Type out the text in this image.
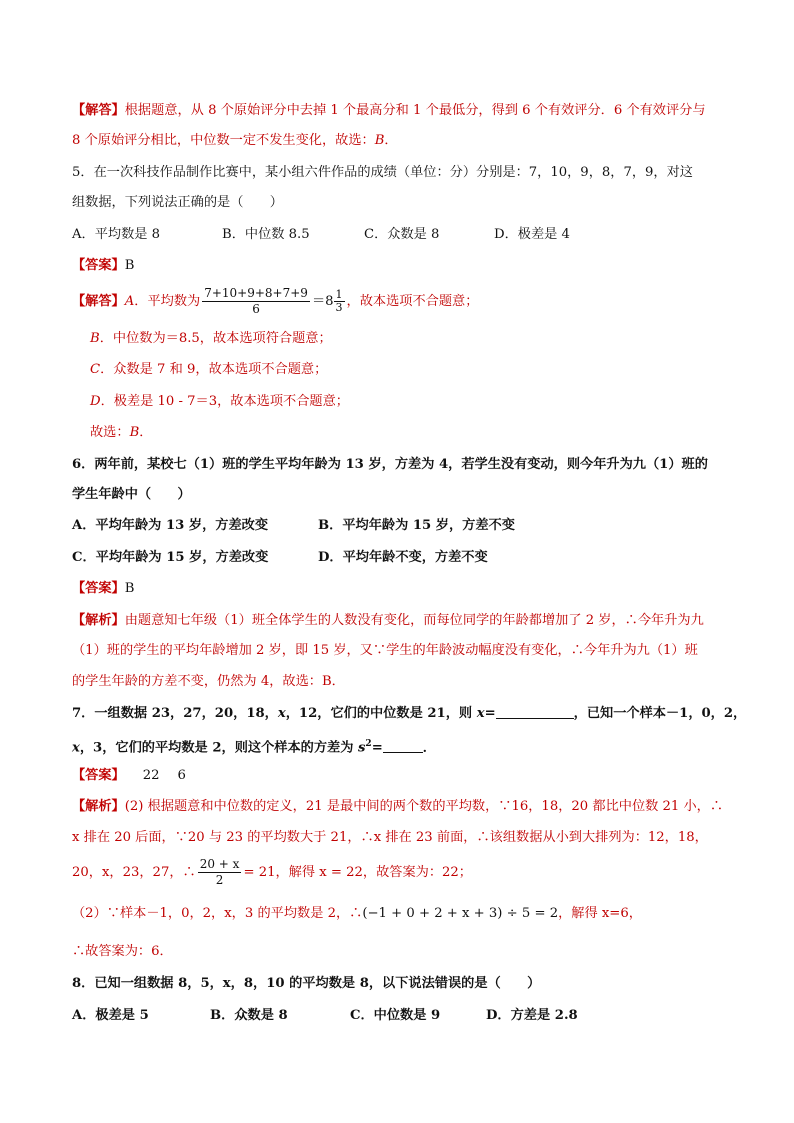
【解答】根据题意，从 8 个原始评分中去掉 1 个最高分和 1 个最低分，得到 6 个有效评分．6 个有效评分与
8 个原始评分相比，中位数一定不发生变化，故选：B．
5．在一次科技作品制作比赛中，某小组六件作品的成绩（单位：分）分别是：7，10，9，8，7，9，对这
组数据，下列说法正确的是（　　）
A．平均数是 8	B．中位数 8.5	C．众数是 8	D．极差是 4
【答案】B
【解答】A．平均数为 $\frac{7+10+9+8+7+9}{6} =8 \frac{1}{3}$ ，故本选项不合题意；
B．中位数为＝8.5，故本选项符合题意；
C．众数是 7 和 9，故本选项不合题意；
D．极差是 10 - 7＝3，故本选项不合题意；
故选：B．
6．两年前，某校七（1）班的学生平均年龄为 13 岁，方差为 4，若学生没有变动，则今年升为九（1）班的
学生年龄中（　　）
A．平均年龄为 13 岁，方差改变	B．平均年龄为 15 岁，方差不变
C．平均年龄为 15 岁，方差改变	D．平均年龄不变，方差不变
【答案】B
【解析】由题意知七年级（1）班全体学生的人数没有变化，而每位同学的年龄都增加了 2 岁，∴今年升为九
（1）班的学生的平均年龄增加 2 岁，即 15 岁，又∵学生的年龄波动幅度没有变化，∴今年升为九（1）班
的学生年龄的方差不变，仍然为 4，故选：B．
7．一组数据 23，27，20，18，x，12，它们的中位数是 21，则 x=	，已知一个样本－1，0，2，
x，3，它们的平均数是 2，则这个样本的方差为 $s^2=$	．
【答案】 22 6
【解析】(2) 根据题意和中位数的定义，21 是最中间的两个数的平均数，∵16，18，20 都比中位数 21 小，∴
x 排在 20 后面，∵20 与 23 的平均数大于 21，∴x 排在 23 前面，∴该组数据从小到大排列为：12，18，
20，x，23，27，∴ $\frac{20 + x}{2} = 21$，解得 x = 22，故答案为：22；
（2）∵样本－1，0，2，x，3 的平均数是 2，∴(−1 + 0 + 2 + x + 3) ÷ 5 = 2，解得 x=6，
∴故答案为：6．
8．已知一组数据 8，5，x，8，10 的平均数是 8，以下说法错误的是（　　）
A．极差是 5	B．众数是 8	C．中位数是 9	D．方差是 2.8
